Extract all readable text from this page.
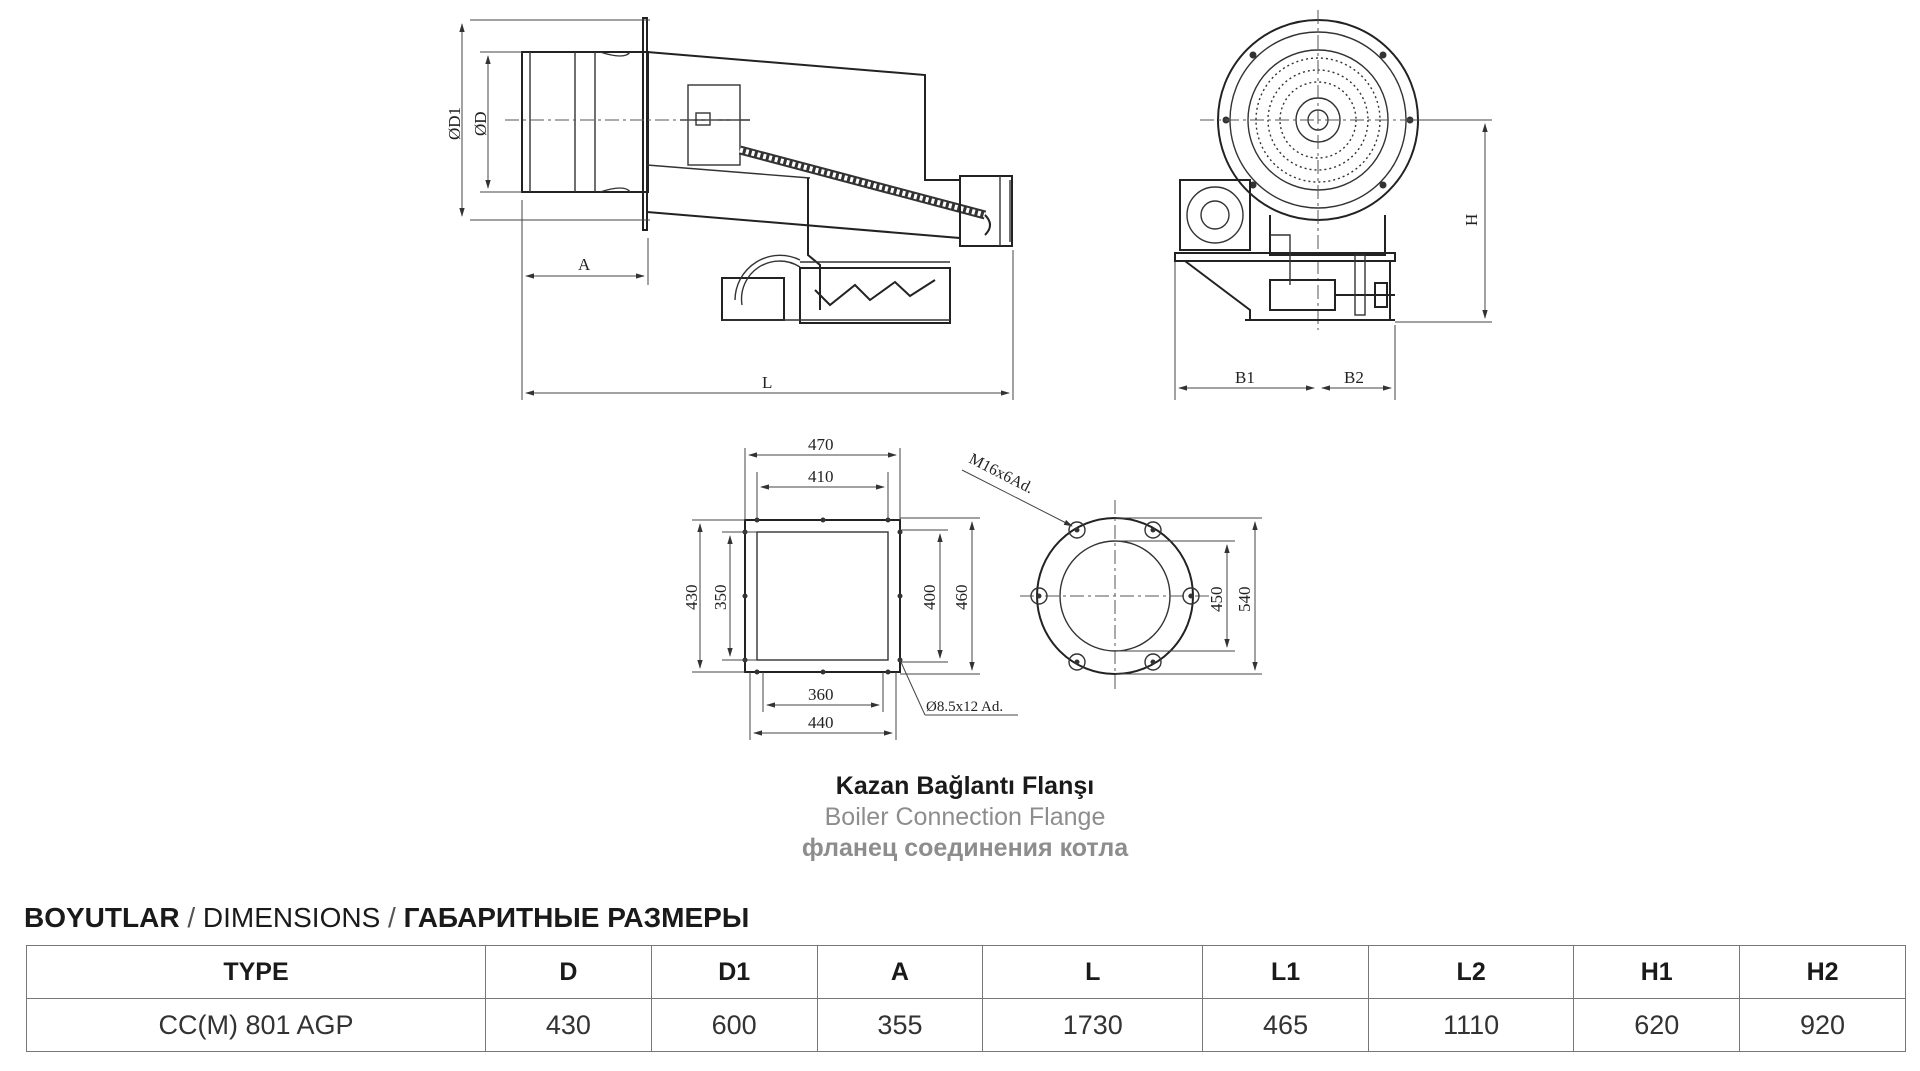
ØD1 ØD
A
L
H
B1	B2
470
410
430 350	400 460
360
440
Ø8.5x12 Ad.
M16x6Ad.
450 540
Kazan Bağlantı Flanşı
Boiler Connection Flange
фланец соединения котла
BOYUTLAR / DIMENSIONS / ГАБАРИТНЫЕ РАЗМЕРЫ
TYPE	D	D1	A	L	L1	L2	H1	H2
CC(M) 801 AGP	430	600	355	1730	465	1110	620	920
